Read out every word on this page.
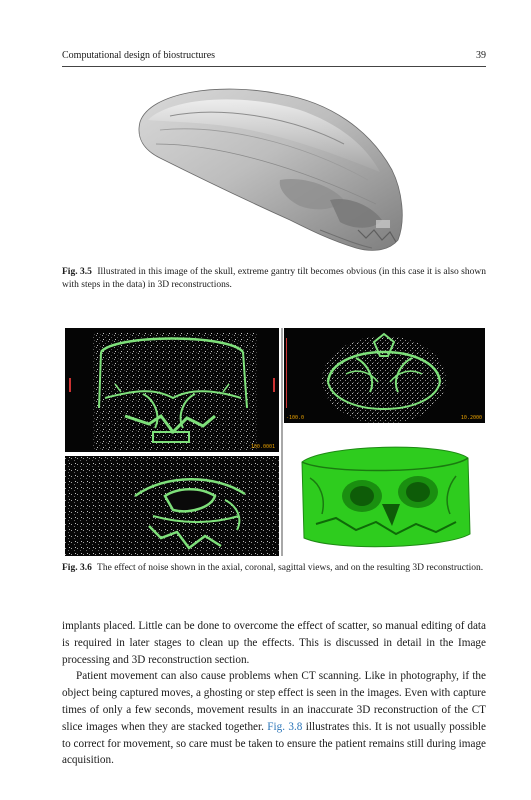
Computational design of biostructures	39
Fig. 3.5 Illustrated in this image of the skull, extreme gantry tilt becomes obvious (in this case it is also shown with steps in the data) in 3D reconstructions.
100.0001
-100.0	10.2000
Fig. 3.6 The effect of noise shown in the axial, coronal, sagittal views, and on the resulting 3D reconstruction.

implants placed. Little can be done to overcome the effect of scatter, so manual editing of data is required in later stages to clean up the effects. This is discussed in detail in the Image processing and 3D reconstruction section.

Patient movement can also cause problems when CT scanning. Like in photography, if the object being captured moves, a ghosting or step effect is seen in the images. Even with capture times of only a few seconds, movement results in an inaccurate 3D reconstruction of the CT slice images when they are stacked together. Fig. 3.8 illustrates this. It is not usually possible to correct for movement, so care must be taken to ensure the patient remains still during image acquisition.
